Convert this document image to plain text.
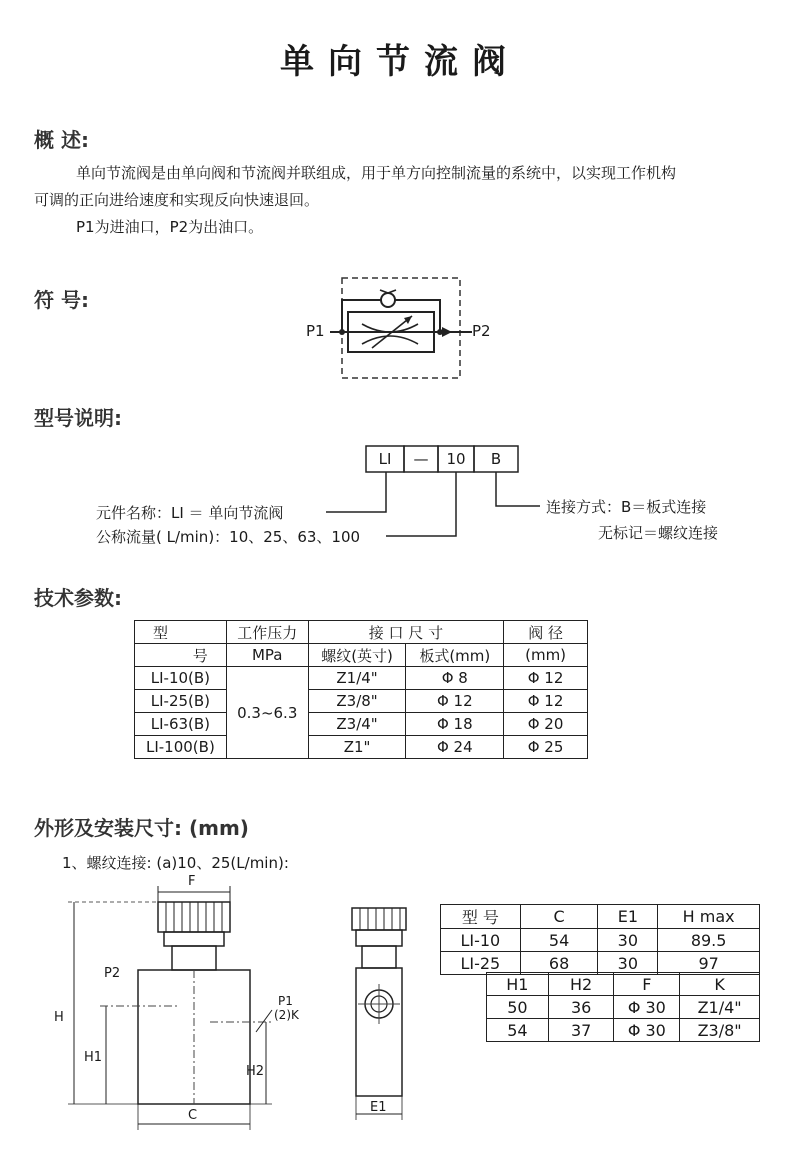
单向节流阀
概 述:
单向节流阀是由单向阀和节流阀并联组成，用于单方向控制流量的系统中，以实现工作机构
可调的正向进给速度和实现反向快速退回。
P1为进油口，P2为出油口。
符 号:
P1	P2
型号说明:
LI	—	10	B
元件名称：LI ＝ 单向节流阀
公称流量( L/min)：10、25、63、100
连接方式：B＝板式连接
无标记＝螺纹连接
技术参数:
型	工作压力	接 口 尺 寸		阀 径
号	MPa	螺纹(英寸)	板式(mm)	(mm)
LI-10(B)	0.3~6.3	Z1/4"	Φ 8	Φ 12
LI-25(B)		Z3/8"	Φ 12	Φ 12
LI-63(B)		Z3/4"	Φ 18	Φ 20
LI-100(B)		Z1"	Φ 24	Φ 25
外形及安装尺寸: (mm)
1、螺纹连接: (a)10、25(L/min):
F
H
H1
H2
C
P2
P1
(2)K
E1
型 号	C	E1	H max
LI-10	54	30	89.5
LI-25	68	30	97
H1	H2	F	K
50	36	Φ 30	Z1/4"
54	37	Φ 30	Z3/8"
